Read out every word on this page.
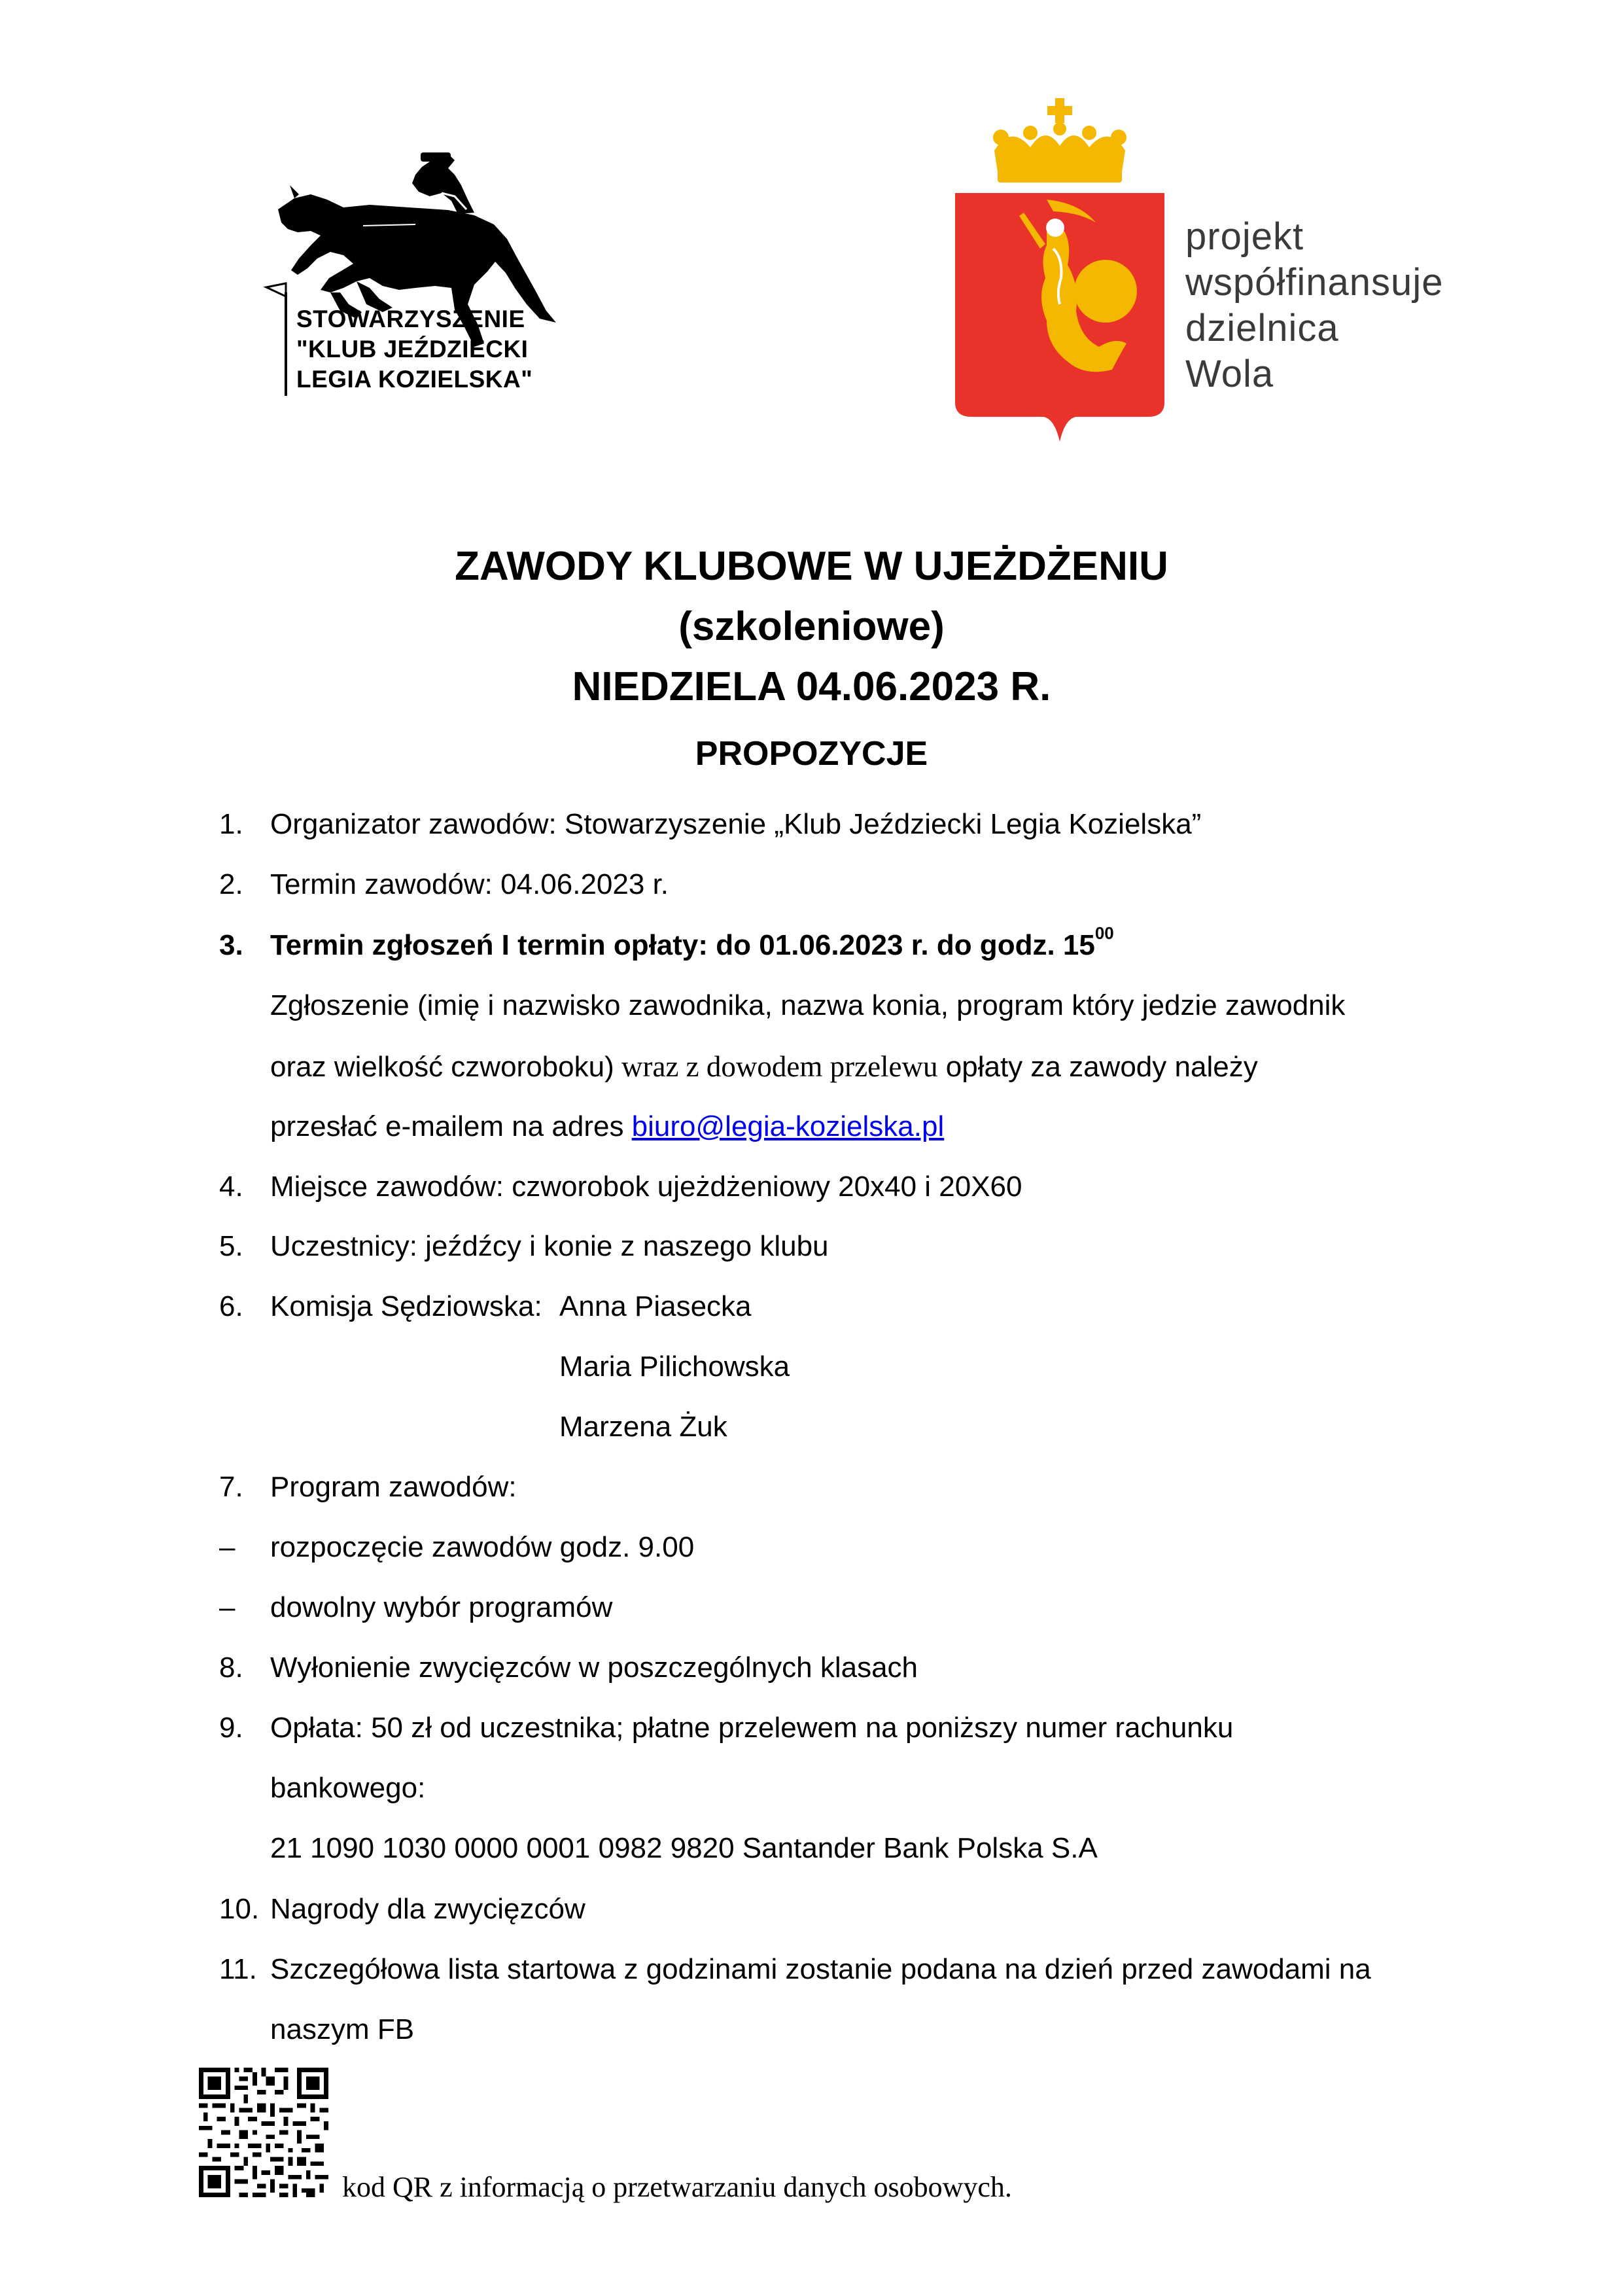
STOWARZYSZENIE
"KLUB JEŹDZIECKI
LEGIA KOZIELSKA"
projekt
współfinansuje
dzielnica
Wola
ZAWODY KLUBOWE W UJEŻDŻENIU
(szkoleniowe)
NIEDZIELA 04.06.2023 R.
PROPOZYCJE
1. Organizator zawodów: Stowarzyszenie „Klub Jeździecki Legia Kozielska”
2. Termin zawodów: 04.06.2023 r.
3. Termin zgłoszeń I termin opłaty: do 01.06.2023 r. do godz. $15^{00}$
Zgłoszenie (imię i nazwisko zawodnika, nazwa konia, program który jedzie zawodnik
oraz wielkość czworoboku) wraz z dowodem przelewu opłaty za zawody należy
przesłać e-mailem na adres biuro@legia-kozielska.pl
4. Miejsce zawodów: czworobok ujeżdżeniowy 20x40 i 20X60
5. Uczestnicy: jeźdźcy i konie z naszego klubu
6. Komisja Sędziowska: Anna Piasecka
Maria Pilichowska
Marzena Żuk
7. Program zawodów:
– rozpoczęcie zawodów godz. 9.00
– dowolny wybór programów
8. Wyłonienie zwycięzców w poszczególnych klasach
9. Opłata: 50 zł od uczestnika; płatne przelewem na poniższy numer rachunku
bankowego:
21 1090 1030 0000 0001 0982 9820 Santander Bank Polska S.A
10. Nagrody dla zwycięzców
11. Szczegółowa lista startowa z godzinami zostanie podana na dzień przed zawodami na
naszym FB
kod QR z informacją o przetwarzaniu danych osobowych.
